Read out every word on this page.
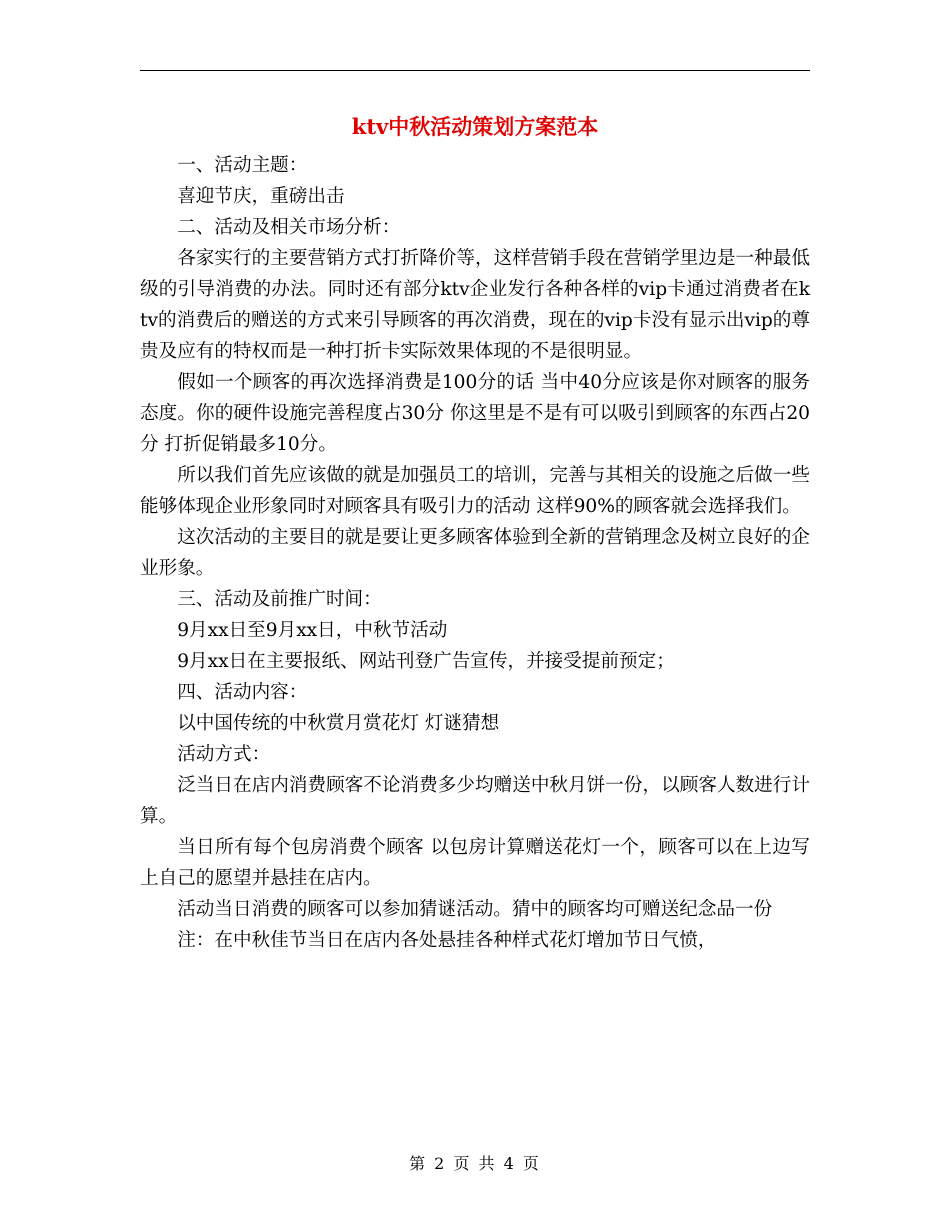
ktv中秋活动策划方案范本

一、活动主题：

喜迎节庆，重磅出击

二、活动及相关市场分析：

各家实行的主要营销方式打折降价等，这样营销手段在营销学里边是一种最低级的引导消费的办法。同时还有部分ktv企业发行各种各样的vip卡通过消费者在ktv的消费后的赠送的方式来引导顾客的再次消费，现在的vip卡没有显示出vip的尊贵及应有的特权而是一种打折卡实际效果体现的不是很明显。

假如一个顾客的再次选择消费是100分的话 当中40分应该是你对顾客的服务态度。你的硬件设施完善程度占30分 你这里是不是有可以吸引到顾客的东西占20分 打折促销最多10分。

所以我们首先应该做的就是加强员工的培训，完善与其相关的设施之后做一些能够体现企业形象同时对顾客具有吸引力的活动 这样90%的顾客就会选择我们。

这次活动的主要目的就是要让更多顾客体验到全新的营销理念及树立良好的企业形象。

三、活动及前推广时间：

9月xx日至9月xx日，中秋节活动

9月xx日在主要报纸、网站刊登广告宣传，并接受提前预定；

四、活动内容：

以中国传统的中秋赏月赏花灯 灯谜猜想

活动方式：

泛当日在店内消费顾客不论消费多少均赠送中秋月饼一份，以顾客人数进行计算。

当日所有每个包房消费个顾客 以包房计算赠送花灯一个，顾客可以在上边写上自己的愿望并悬挂在店内。

活动当日消费的顾客可以参加猜谜活动。猜中的顾客均可赠送纪念品一份

注：在中秋佳节当日在店内各处悬挂各种样式花灯增加节日气愤，

第 2 页 共 4 页
